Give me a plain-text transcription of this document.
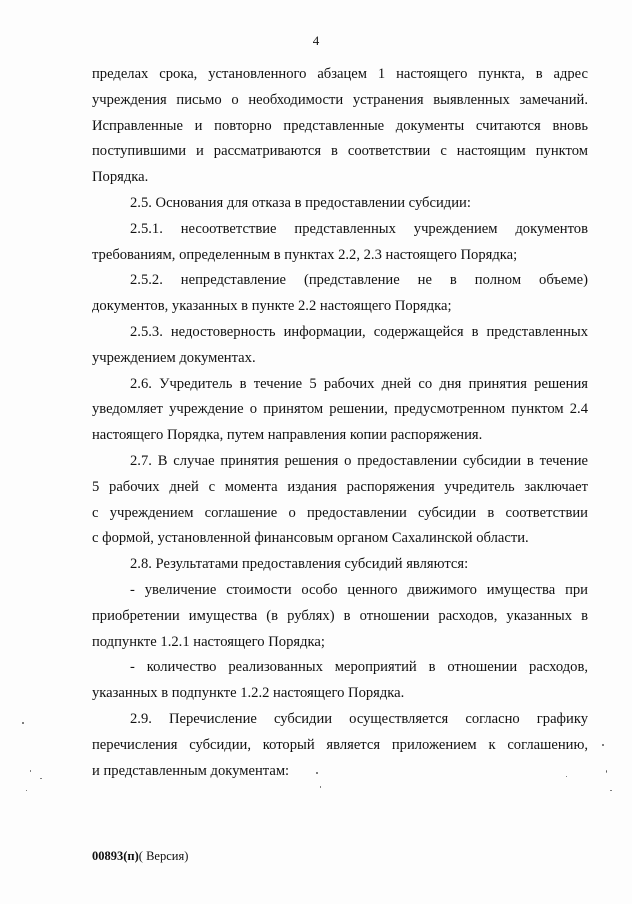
4
пределах срока, установленного абзацем 1 настоящего пункта, в адрес
учреждения письмо о необходимости устранения выявленных замечаний.
Исправленные и повторно представленные документы считаются вновь
поступившими и рассматриваются в соответствии с настоящим пунктом
Порядка.
2.5. Основания для отказа в предоставлении субсидии:
2.5.1. несоответствие представленных учреждением документов
требованиям, определенным в пунктах 2.2, 2.3 настоящего Порядка;
2.5.2. непредставление (представление не в полном объеме)
документов, указанных в пункте 2.2 настоящего Порядка;
2.5.3. недостоверность информации, содержащейся в представленных
учреждением документах.
2.6. Учредитель в течение 5 рабочих дней со дня принятия решения
уведомляет учреждение о принятом решении, предусмотренном пунктом 2.4
настоящего Порядка, путем направления копии распоряжения.
2.7. В случае принятия решения о предоставлении субсидии в течение
5 рабочих дней с момента издания распоряжения учредитель заключает
с учреждением соглашение о предоставлении субсидии в соответствии
с формой, установленной финансовым органом Сахалинской области.
2.8. Результатами предоставления субсидий являются:
- увеличение стоимости особо ценного движимого имущества при
приобретении имущества (в рублях) в отношении расходов, указанных в
подпункте 1.2.1 настоящего Порядка;
- количество реализованных мероприятий в отношении расходов,
указанных в подпункте 1.2.2 настоящего Порядка.
2.9. Перечисление субсидии осуществляется согласно графику
перечисления субсидии, который является приложением к соглашению,
и представленным документам:
00893(п)( Версия)
